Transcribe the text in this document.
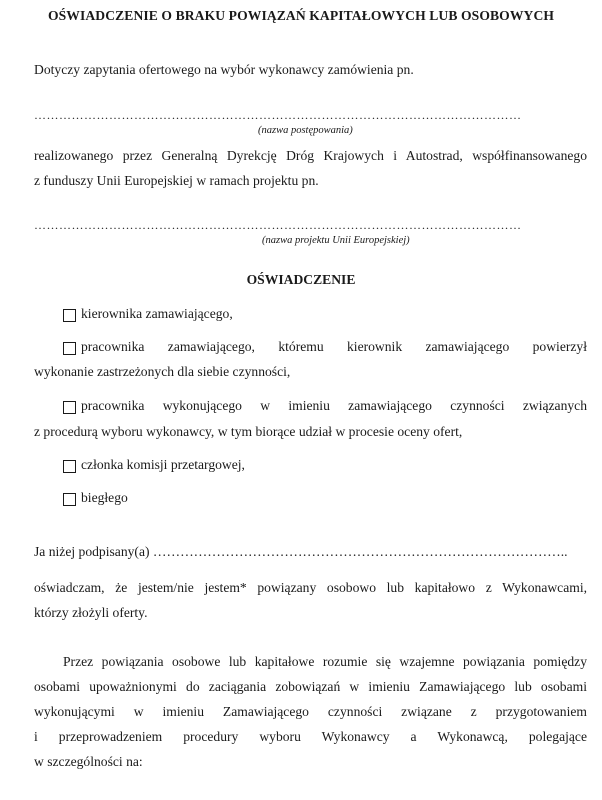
OŚWIADCZENIE O BRAKU POWIĄZAŃ KAPITAŁOWYCH LUB OSOBOWYCH
Dotyczy zapytania ofertowego na wybór wykonawcy zamówienia pn.
………………………………………………………………………………………………………
(nazwa postępowania)
realizowanego przez Generalną Dyrekcję Dróg Krajowych i Autostrad, współfinansowanego
z funduszy Unii Europejskiej w ramach projektu pn.
………………………………………………………………………………………………………
(nazwa projektu Unii Europejskiej)
OŚWIADCZENIE
kierownika zamawiającego,
pracownika zamawiającego, któremu kierownik zamawiającego powierzył
wykonanie zastrzeżonych dla siebie czynności,
pracownika wykonującego w imieniu zamawiającego czynności związanych
z procedurą wyboru wykonawcy, w tym biorące udział w procesie oceny ofert,
członka komisji przetargowej,
biegłego
Ja niżej podpisany(a) ………………………………………………………………………………..
oświadczam, że jestem/nie jestem* powiązany osobowo lub kapitałowo z Wykonawcami,
którzy złożyli oferty.
Przez powiązania osobowe lub kapitałowe rozumie się wzajemne powiązania pomiędzy
osobami upoważnionymi do zaciągania zobowiązań w imieniu Zamawiającego lub osobami
wykonującymi w imieniu Zamawiającego czynności związane z przygotowaniem
i przeprowadzeniem procedury wyboru Wykonawcy a Wykonawcą, polegające
w szczególności na:
